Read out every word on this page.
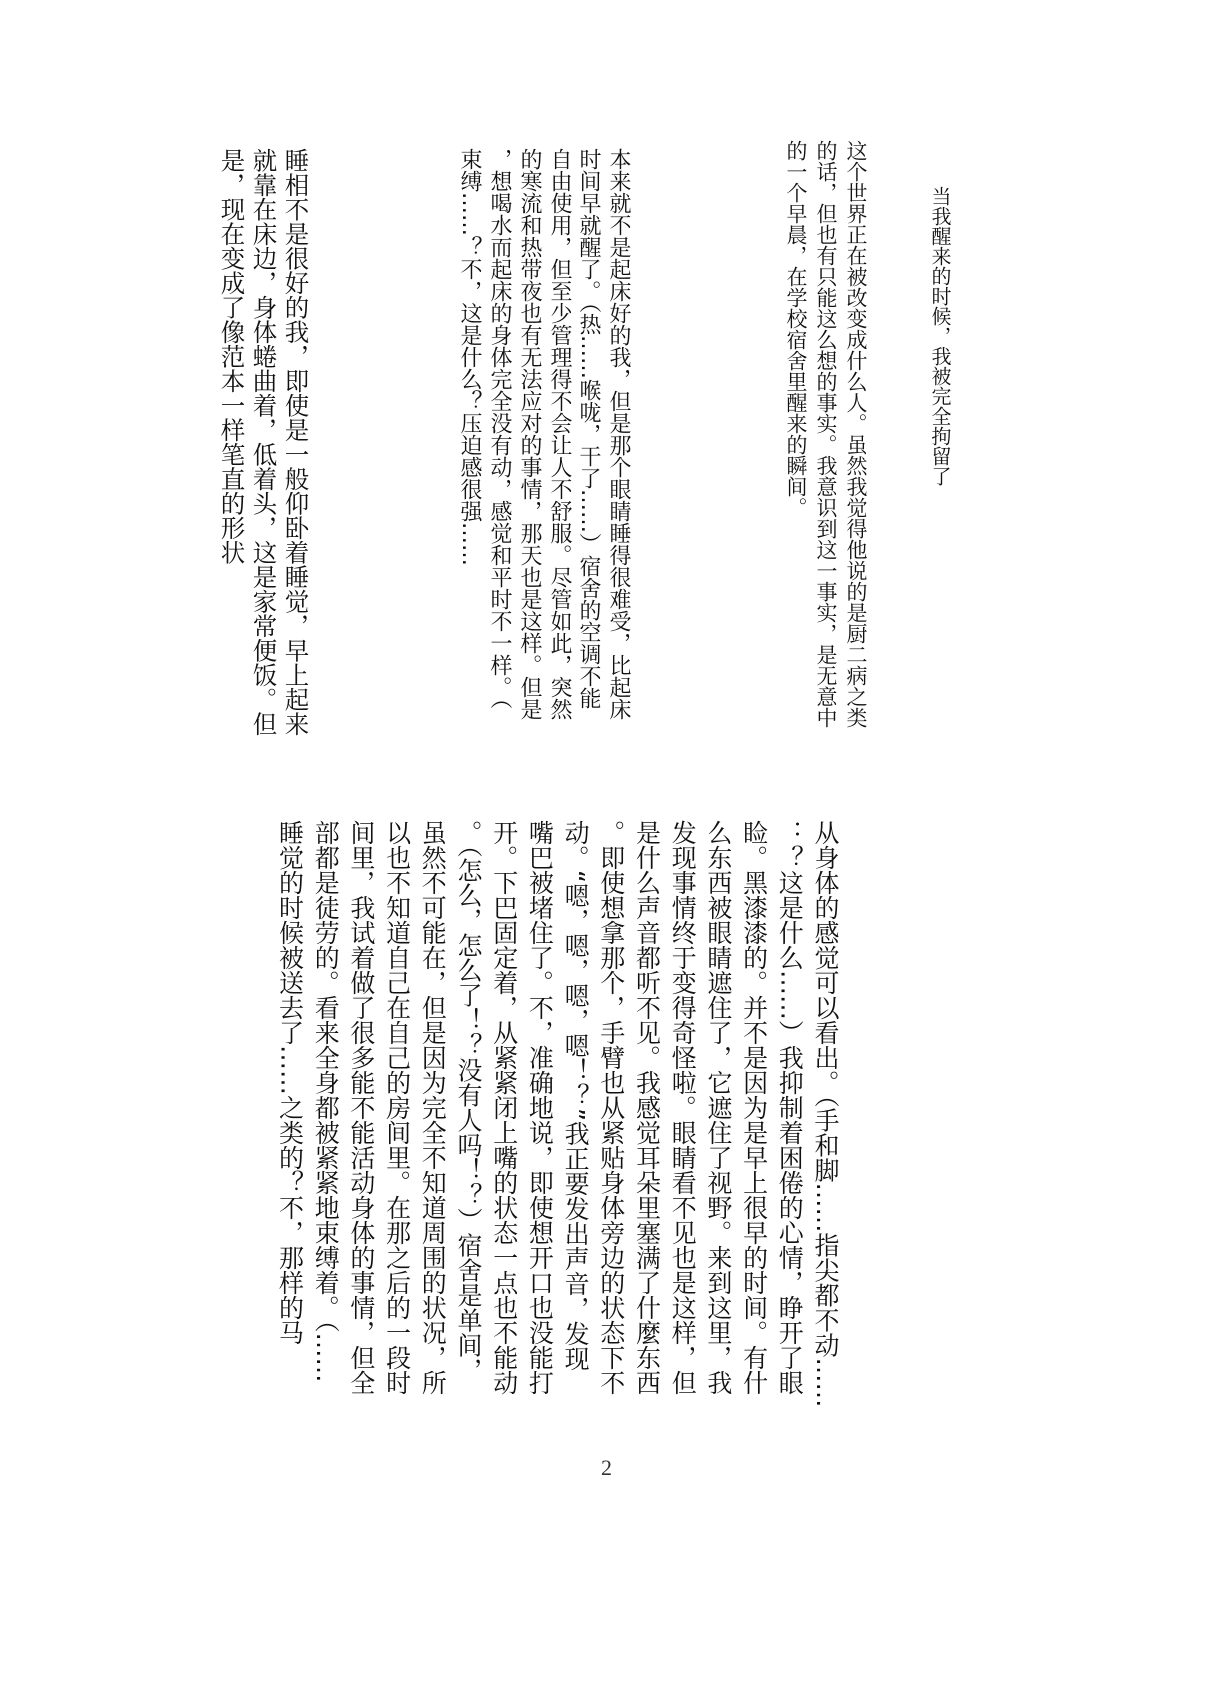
当我醒来的时候，我被完全拘留了
这个世界正在被改变成什么人。虽然我觉得他说的是厨二病之类
的话，但也有只能这么想的事实。我意识到这一事实，是无意中
的一个早晨，在学校宿舍里醒来的瞬间。
本来就不是起床好的我，但是那个眼睛睡得很难受，比起床
时间早就醒了。（热……喉咙，干了……）宿舍的空调不能
自由使用，但至少管理得不会让人不舒服。尽管如此，突然
的寒流和热带夜也有无法应对的事情，那天也是这样。但是
，想喝水而起床的身体完全没有动，感觉和平时不一样。（
束缚……？不，这是什么？压迫感很强……
睡相不是很好的我，即使是一般仰卧着睡觉，早上起来
就靠在床边，身体蜷曲着，低着头，这是家常便饭。但
是，现在变成了像范本一样笔直的形状
从身体的感觉可以看出。（手和脚……指尖都不动……
：？这是什么……）我抑制着困倦的心情，睁开了眼
睑。黑漆漆的。并不是因为是早上很早的时间。有什
么东西被眼睛遮住了，它遮住了视野。来到这里，我
发现事情终于变得奇怪啦。眼睛看不见也是这样，但
是什么声音都听不见。我感觉耳朵里塞满了什麼东西
。即使想拿那个，手臂也从紧贴身体旁边的状态下不
动。“嗯，嗯，嗯，嗯！？”我正要发出声音，发现
嘴巴被堵住了。不，准确地说，即使想开口也没能打
开。下巴固定着，从紧紧闭上嘴的状态一点也不能动
。（怎么，怎么了！？没有人吗！？）宿舍是单间，
虽然不可能在，但是因为完全不知道周围的状况，所
以也不知道自己在自己的房间里。在那之后的一段时
间里，我试着做了很多能不能活动身体的事情，但全
部都是徒劳的。看来全身都被紧紧地束缚着。（……
睡觉的时候被送去了……之类的？不，那样的马
2
